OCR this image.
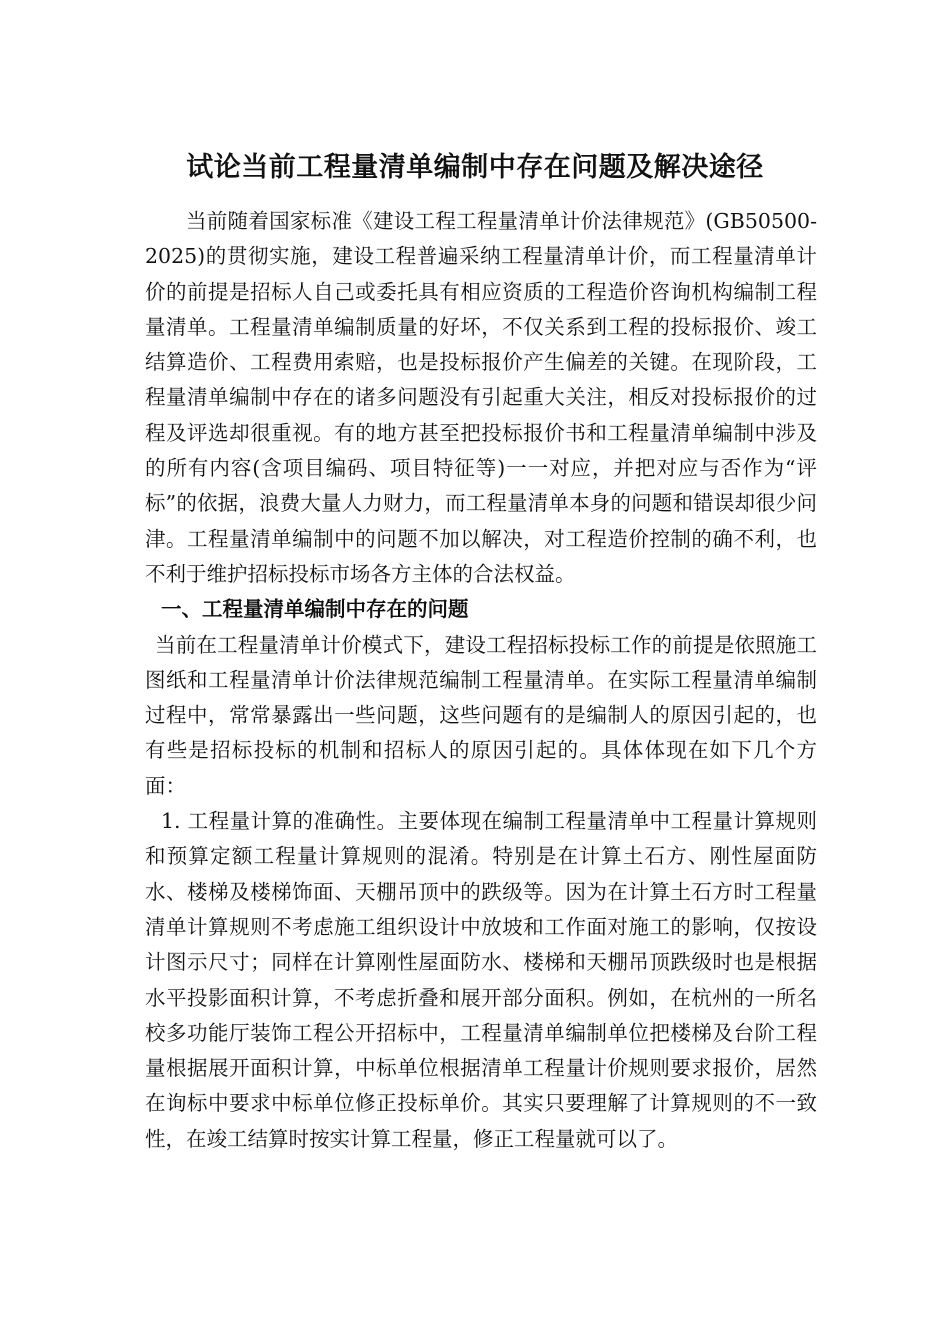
试论当前工程量清单编制中存在问题及解决途径

当前随着国家标准《建设工程工程量清单计价法律规范》(GB50500-2025)的贯彻实施，建设工程普遍采纳工程量清单计价，而工程量清单计价的前提是招标人自己或委托具有相应资质的工程造价咨询机构编制工程量清单。工程量清单编制质量的好坏，不仅关系到工程的投标报价、竣工结算造价、工程费用索赔，也是投标报价产生偏差的关键。在现阶段，工程量清单编制中存在的诸多问题没有引起重大关注，相反对投标报价的过程及评选却很重视。有的地方甚至把投标报价书和工程量清单编制中涉及的所有内容(含项目编码、项目特征等)一一对应，并把对应与否作为“评标”的依据，浪费大量人力财力，而工程量清单本身的问题和错误却很少问津。工程量清单编制中的问题不加以解决，对工程造价控制的确不利，也不利于维护招标投标市场各方主体的合法权益。

一、工程量清单编制中存在的问题

当前在工程量清单计价模式下，建设工程招标投标工作的前提是依照施工图纸和工程量清单计价法律规范编制工程量清单。在实际工程量清单编制过程中，常常暴露出一些问题，这些问题有的是编制人的原因引起的，也有些是招标投标的机制和招标人的原因引起的。具体体现在如下几个方面：

1. 工程量计算的准确性。主要体现在编制工程量清单中工程量计算规则和预算定额工程量计算规则的混淆。特别是在计算土石方、刚性屋面防水、楼梯及楼梯饰面、天棚吊顶中的跌级等。因为在计算土石方时工程量清单计算规则不考虑施工组织设计中放坡和工作面对施工的影响，仅按设计图示尺寸；同样在计算刚性屋面防水、楼梯和天棚吊顶跌级时也是根据水平投影面积计算，不考虑折叠和展开部分面积。例如，在杭州的一所名校多功能厅装饰工程公开招标中，工程量清单编制单位把楼梯及台阶工程量根据展开面积计算，中标单位根据清单工程量计价规则要求报价，居然在询标中要求中标单位修正投标单价。其实只要理解了计算规则的不一致性，在竣工结算时按实计算工程量，修正工程量就可以了。
